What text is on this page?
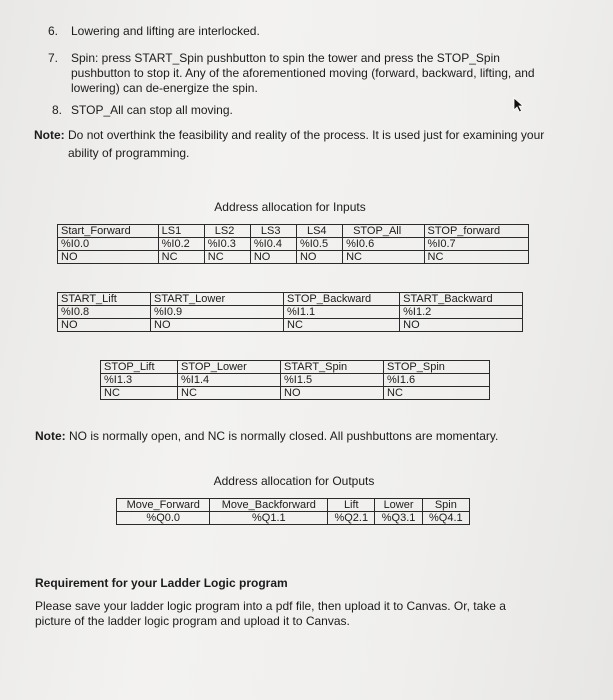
6. Lowering and lifting are interlocked.
7. Spin: press START_Spin pushbutton to spin the tower and press the STOP_Spin
pushbutton to stop it. Any of the aforementioned moving (forward, backward, lifting, and
lowering) can de-energize the spin.
8. STOP_All can stop all moving.
Note: Do not overthink the feasibility and reality of the process. It is used just for examining your
ability of programming.
Address allocation for Inputs
Start_Forward	LS1	LS2	LS3	LS4	STOP_All	STOP_forward
%I0.0	%I0.2	%I0.3	%I0.4	%I0.5	%I0.6	%I0.7
NO	NC	NC	NO	NO	NC	NC
START_Lift	START_Lower	STOP_Backward	START_Backward
%I0.8	%I0.9	%I1.1	%I1.2
NO	NO	NC	NO
STOP_Lift	STOP_Lower	START_Spin	STOP_Spin
%I1.3	%I1.4	%I1.5	%I1.6
NC	NC	NO	NC
Note: NO is normally open, and NC is normally closed. All pushbuttons are momentary.
Address allocation for Outputs
Move_Forward	Move_Backforward	Lift	Lower	Spin
%Q0.0	%Q1.1	%Q2.1	%Q3.1	%Q4.1
Requirement for your Ladder Logic program
Please save your ladder logic program into a pdf file, then upload it to Canvas. Or, take a
picture of the ladder logic program and upload it to Canvas.
